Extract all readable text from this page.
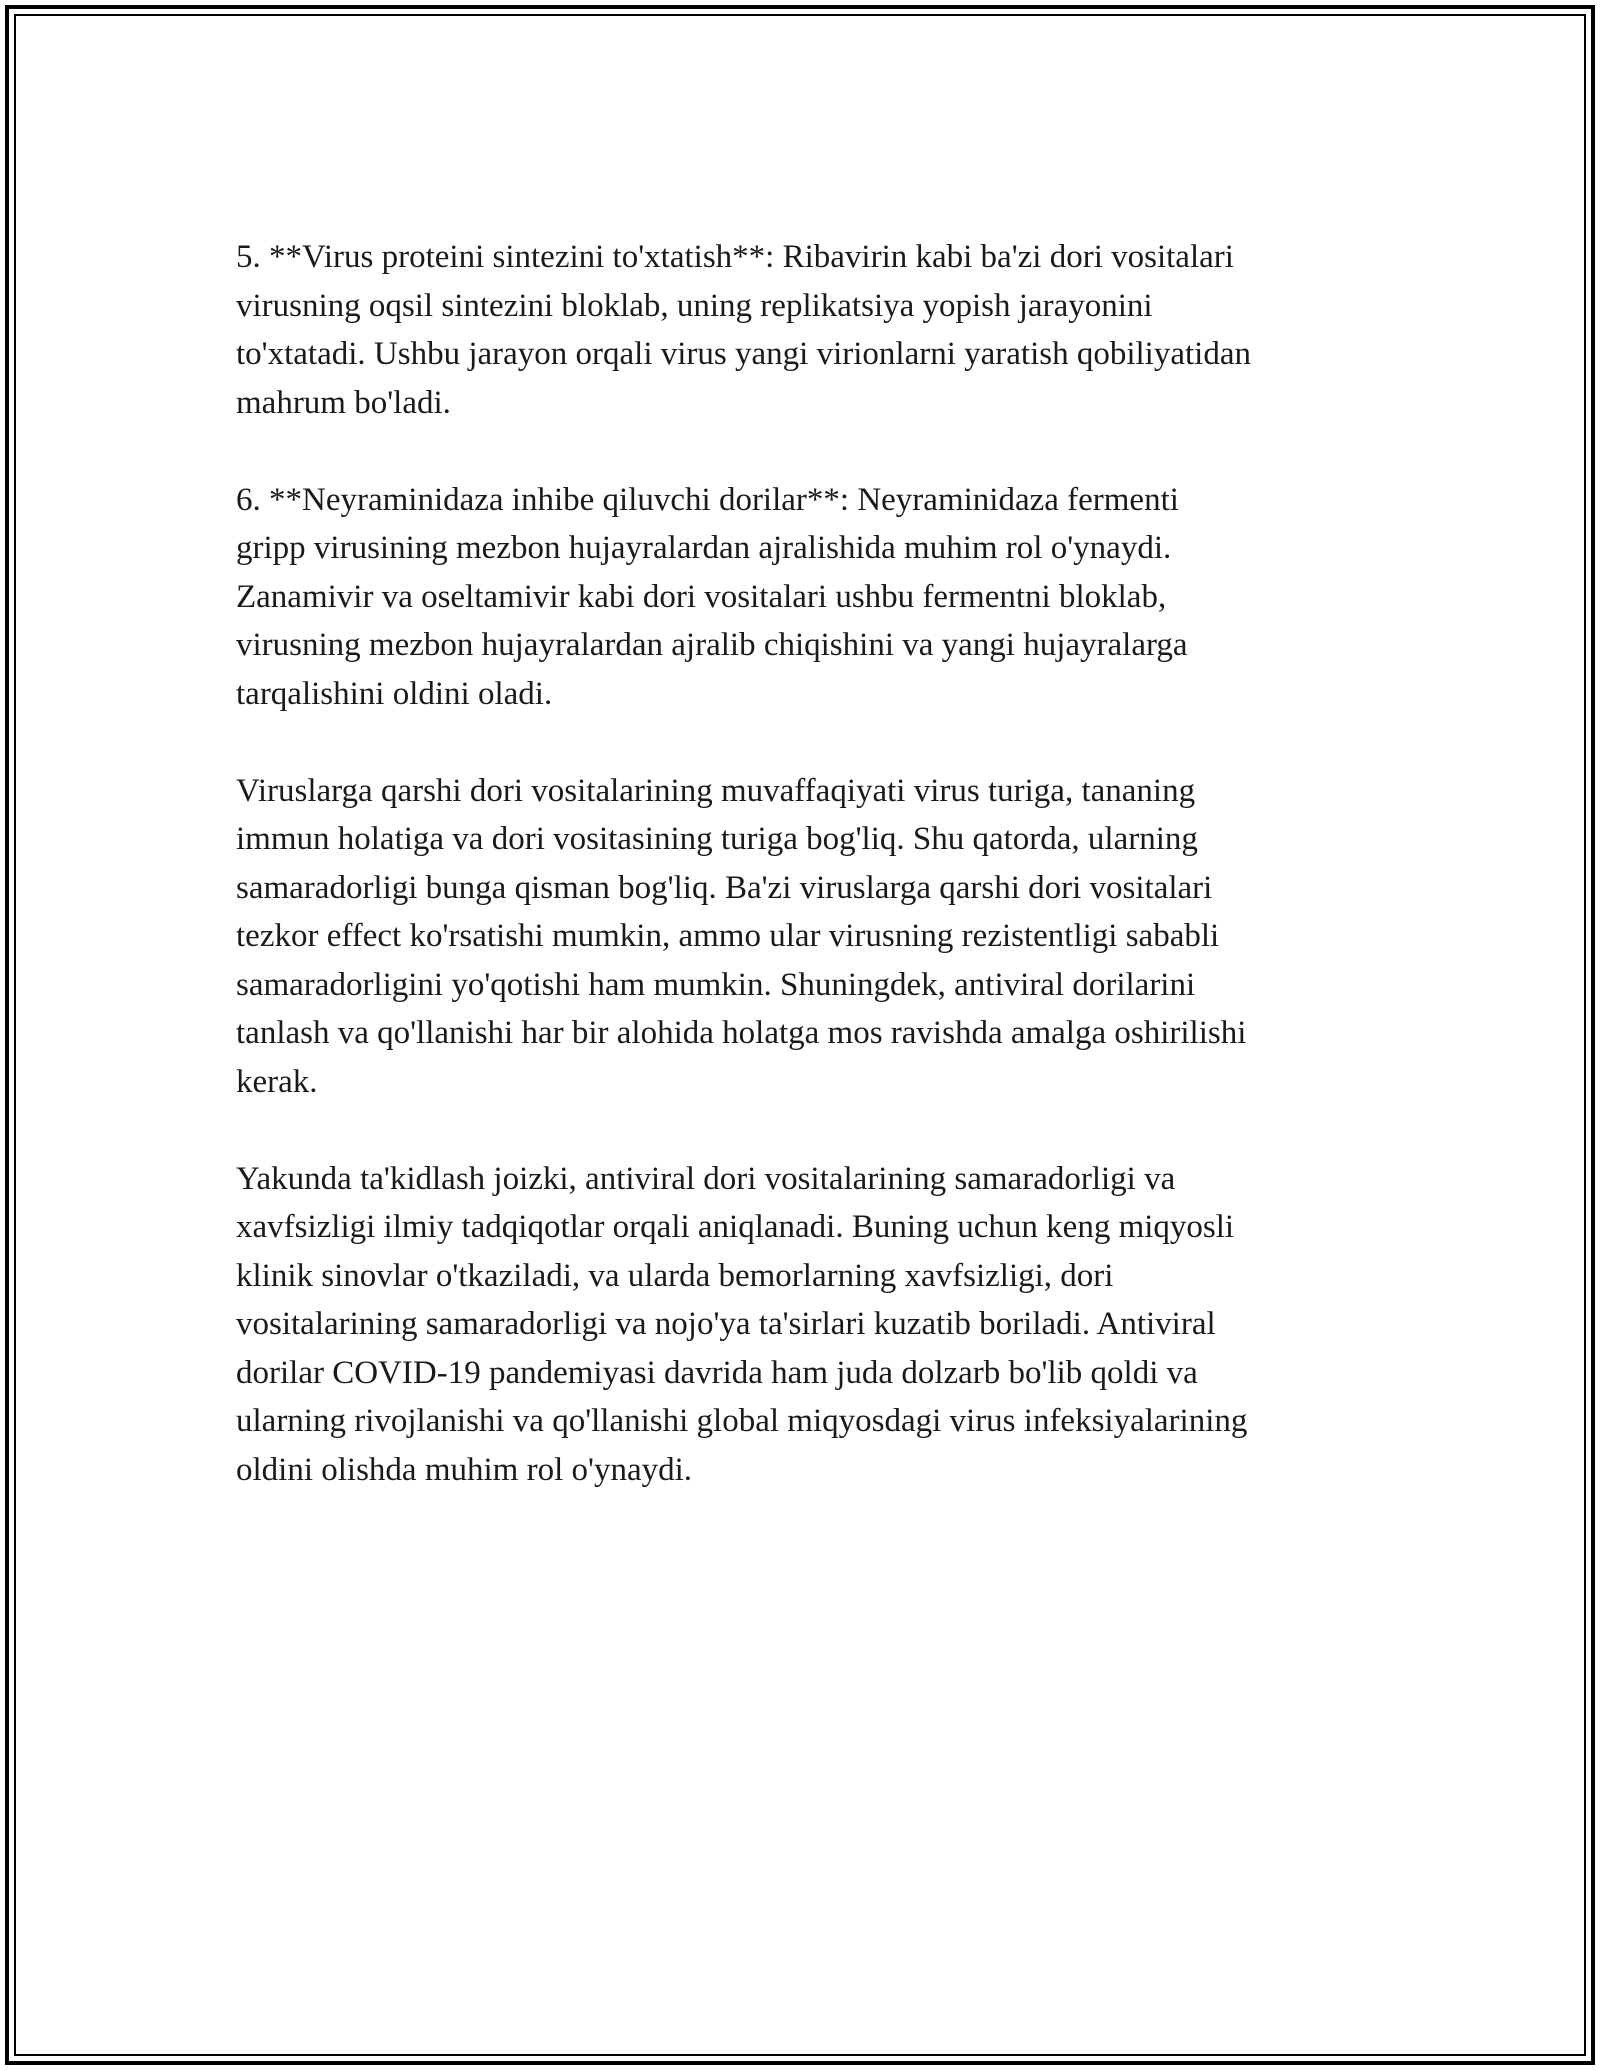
5. **Virus proteini sintezini to'xtatish**: Ribavirin kabi ba'zi dori vositalari
virusning oqsil sintezini bloklab, uning replikatsiya yopish jarayonini
to'xtatadi. Ushbu jarayon orqali virus yangi virionlarni yaratish qobiliyatidan
mahrum bo'ladi.

6. **Neyraminidaza inhibe qiluvchi dorilar**: Neyraminidaza fermenti
gripp virusining mezbon hujayralardan ajralishida muhim rol o'ynaydi.
Zanamivir va oseltamivir kabi dori vositalari ushbu fermentni bloklab,
virusning mezbon hujayralardan ajralib chiqishini va yangi hujayralarga
tarqalishini oldini oladi.

Viruslarga qarshi dori vositalarining muvaffaqiyati virus turiga, tananing
immun holatiga va dori vositasining turiga bog'liq. Shu qatorda, ularning
samaradorligi bunga qisman bog'liq. Ba'zi viruslarga qarshi dori vositalari
tezkor effect ko'rsatishi mumkin, ammo ular virusning rezistentligi sababli
samaradorligini yo'qotishi ham mumkin. Shuningdek, antiviral dorilarini
tanlash va qo'llanishi har bir alohida holatga mos ravishda amalga oshirilishi
kerak.

Yakunda ta'kidlash joizki, antiviral dori vositalarining samaradorligi va
xavfsizligi ilmiy tadqiqotlar orqali aniqlanadi. Buning uchun keng miqyosli
klinik sinovlar o'tkaziladi, va ularda bemorlarning xavfsizligi, dori
vositalarining samaradorligi va nojo'ya ta'sirlari kuzatib boriladi. Antiviral
dorilar COVID-19 pandemiyasi davrida ham juda dolzarb bo'lib qoldi va
ularning rivojlanishi va qo'llanishi global miqyosdagi virus infeksiyalarining
oldini olishda muhim rol o'ynaydi.
